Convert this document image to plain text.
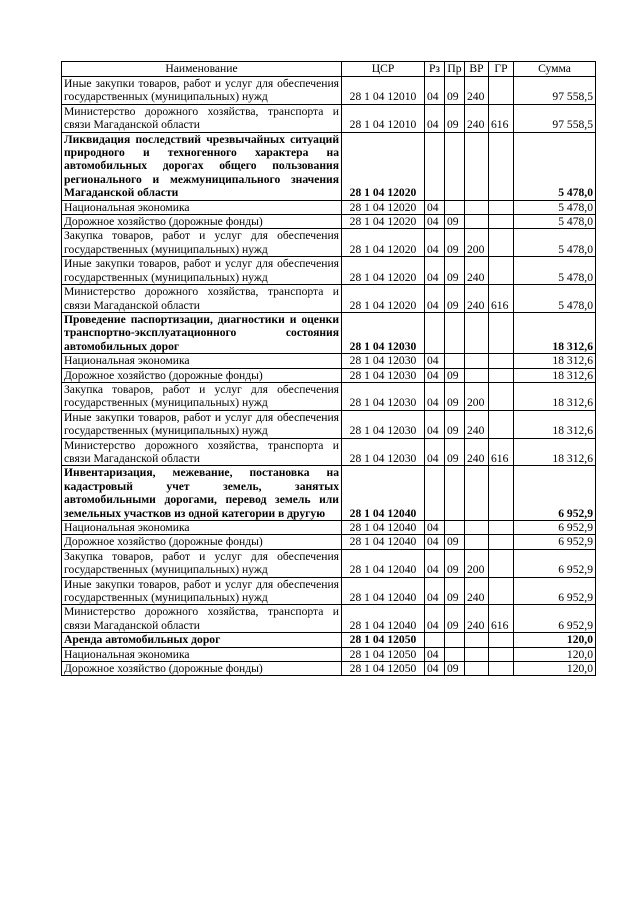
Наименование	ЦСР	Рз	Пр	ВР	ГР	Сумма
Иные закупки товаров, работ и услуг для обеспечения государственных (муниципальных) нужд	28 1 04 12010	04	09	240		97 558,5
Министерство дорожного хозяйства, транспорта и связи Магаданской области	28 1 04 12010	04	09	240	616	97 558,5
Ликвидация последствий чрезвычайных ситуаций природного и техногенного характера на автомобильных дорогах общего пользования регионального и межмуниципального значения Магаданской области	28 1 04 12020					5 478,0
Национальная экономика	28 1 04 12020	04				5 478,0
Дорожное хозяйство (дорожные фонды)	28 1 04 12020	04	09			5 478,0
Закупка товаров, работ и услуг для обеспечения государственных (муниципальных) нужд	28 1 04 12020	04	09	200		5 478,0
Иные закупки товаров, работ и услуг для обеспечения государственных (муниципальных) нужд	28 1 04 12020	04	09	240		5 478,0
Министерство дорожного хозяйства, транспорта и связи Магаданской области	28 1 04 12020	04	09	240	616	5 478,0
Проведение паспортизации, диагностики и оценки транспортно-эксплуатационного состояния автомобильных дорог	28 1 04 12030					18 312,6
Национальная экономика	28 1 04 12030	04				18 312,6
Дорожное хозяйство (дорожные фонды)	28 1 04 12030	04	09			18 312,6
Закупка товаров, работ и услуг для обеспечения государственных (муниципальных) нужд	28 1 04 12030	04	09	200		18 312,6
Иные закупки товаров, работ и услуг для обеспечения государственных (муниципальных) нужд	28 1 04 12030	04	09	240		18 312,6
Министерство дорожного хозяйства, транспорта и связи Магаданской области	28 1 04 12030	04	09	240	616	18 312,6
Инвентаризация, межевание, постановка на кадастровый учет земель, занятых автомобильными дорогами, перевод земель или земельных участков из одной категории в другую	28 1 04 12040					6 952,9
Национальная экономика	28 1 04 12040	04				6 952,9
Дорожное хозяйство (дорожные фонды)	28 1 04 12040	04	09			6 952,9
Закупка товаров, работ и услуг для обеспечения государственных (муниципальных) нужд	28 1 04 12040	04	09	200		6 952,9
Иные закупки товаров, работ и услуг для обеспечения государственных (муниципальных) нужд	28 1 04 12040	04	09	240		6 952,9
Министерство дорожного хозяйства, транспорта и связи Магаданской области	28 1 04 12040	04	09	240	616	6 952,9
Аренда автомобильных дорог	28 1 04 12050					120,0
Национальная экономика	28 1 04 12050	04				120,0
Дорожное хозяйство (дорожные фонды)	28 1 04 12050	04	09			120,0
